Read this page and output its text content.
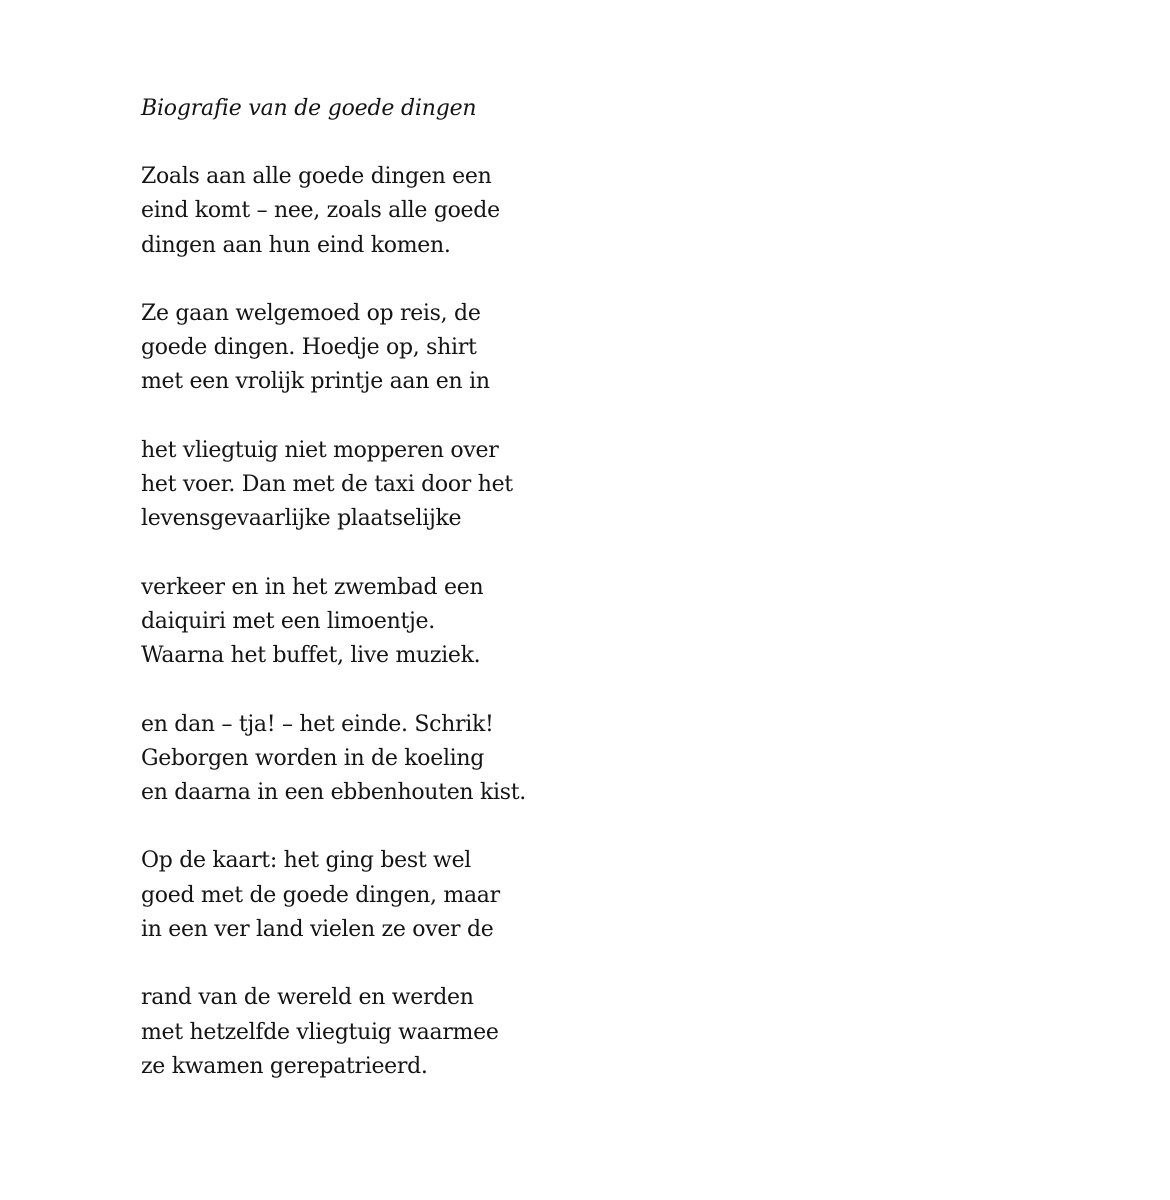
Biografie van de goede dingen
Zoals aan alle goede dingen een
eind komt – nee, zoals alle goede
dingen aan hun eind komen.
Ze gaan welgemoed op reis, de
goede dingen. Hoedje op, shirt
met een vrolijk printje aan en in
het vliegtuig niet mopperen over
het voer. Dan met de taxi door het
levensgevaarlijke plaatselijke
verkeer en in het zwembad een
daiquiri met een limoentje.
Waarna het buffet, live muziek.
en dan – tja! – het einde. Schrik!
Geborgen worden in de koeling
en daarna in een ebbenhouten kist.
Op de kaart: het ging best wel
goed met de goede dingen, maar
in een ver land vielen ze over de
rand van de wereld en werden
met hetzelfde vliegtuig waarmee
ze kwamen gerepatrieerd.
